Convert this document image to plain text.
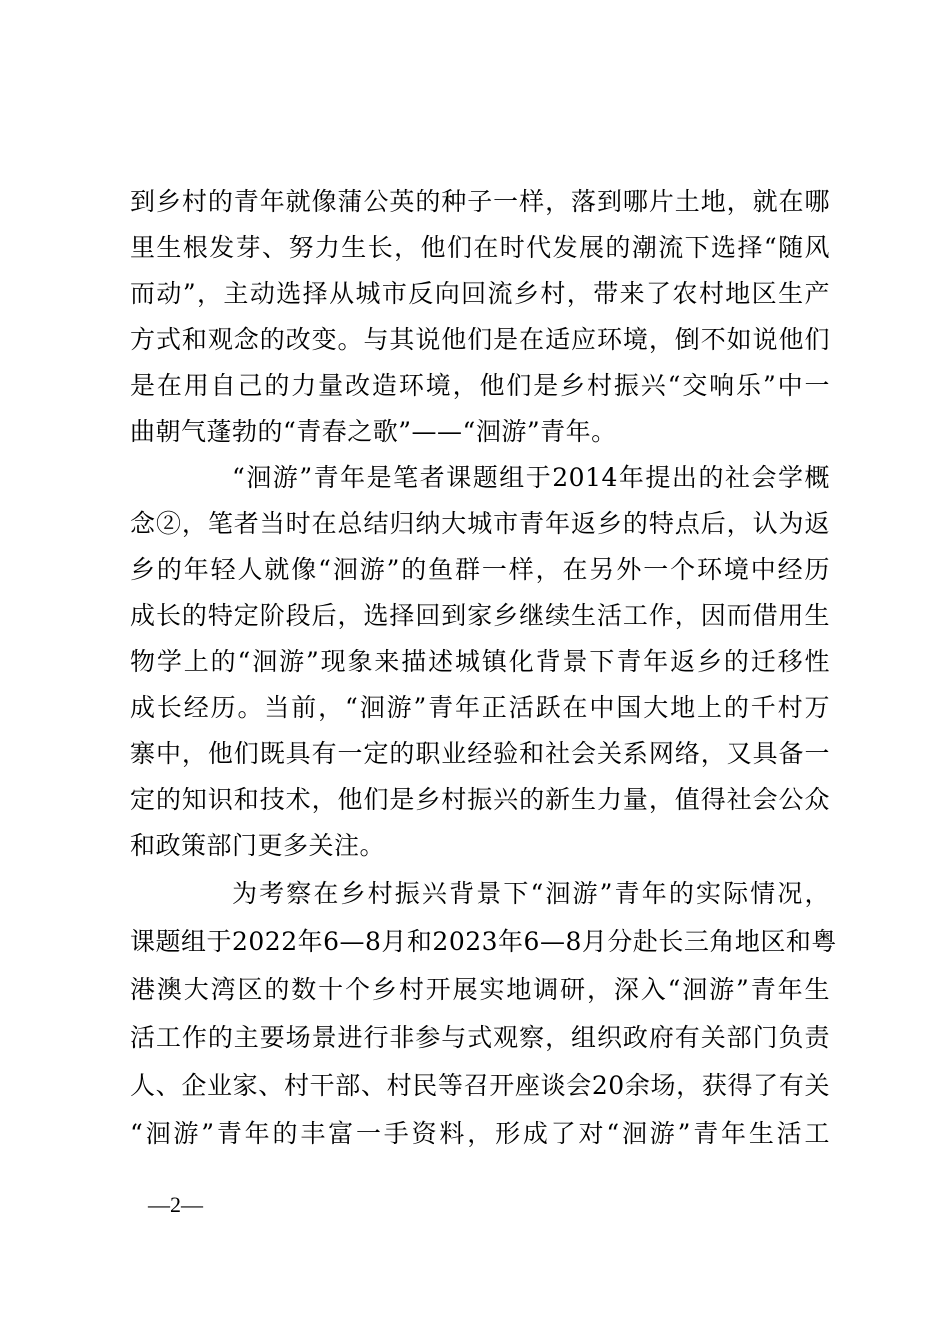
到乡村的青年就像蒲公英的种子一样，落到哪片土地，就在哪
里生根发芽、努力生长，他们在时代发展的潮流下选择“随风
而动”，主动选择从城市反向回流乡村，带来了农村地区生产
方式和观念的改变。与其说他们是在适应环境，倒不如说他们
是在用自己的力量改造环境，他们是乡村振兴“交响乐”中一
曲朝气蓬勃的“青春之歌”——“洄游”青年。
“洄游”青年是笔者课题组于2014年提出的社会学概
念②，笔者当时在总结归纳大城市青年返乡的特点后，认为返
乡的年轻人就像“洄游”的鱼群一样，在另外一个环境中经历
成长的特定阶段后，选择回到家乡继续生活工作，因而借用生
物学上的“洄游”现象来描述城镇化背景下青年返乡的迁移性
成长经历。当前，“洄游”青年正活跃在中国大地上的千村万
寨中，他们既具有一定的职业经验和社会关系网络，又具备一
定的知识和技术，他们是乡村振兴的新生力量，值得社会公众
和政策部门更多关注。
为考察在乡村振兴背景下“洄游”青年的实际情况，
课题组于2022年6—8月和2023年6—8月分赴长三角地区和粤
港澳大湾区的数十个乡村开展实地调研，深入“洄游”青年生
活工作的主要场景进行非参与式观察，组织政府有关部门负责
人、企业家、村干部、村民等召开座谈会20余场，获得了有关
“洄游”青年的丰富一手资料，形成了对“洄游”青年生活工
—2—
